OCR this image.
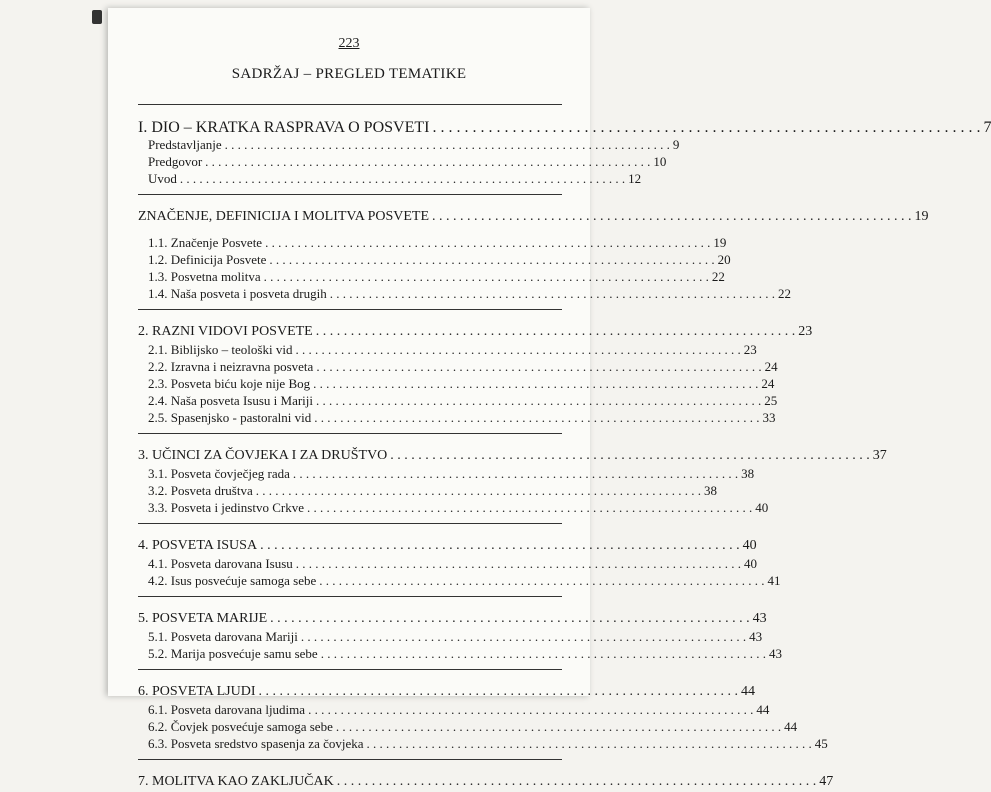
223
SADRŽAJ – PREGLED TEMATIKE
I. DIO – KRATKA RASPRAVA O POSVETI . . .	7
Predstavljanje . . .	9
Predgovor . . .	10
Uvod . . .	12
ZNAČENJE, DEFINICIJA I MOLITVA POSVETE . . .	19
1.1. Značenje Posvete . . .	19
1.2. Definicija Posvete . . .	20
1.3. Posvetna molitva . . .	22
1.4. Naša posveta i posveta drugih . . .	22
2. RAZNI VIDOVI POSVETE . . .	23
2.1. Biblijsko – teološki vid . . .	23
2.2. Izravna i neizravna posveta . . .	24
2.3. Posveta biću koje nije Bog . . .	24
2.4. Naša posveta Isusu i Mariji . . .	25
2.5. Spasenjsko - pastoralni vid . . .	33
3. UČINCI ZA ČOVJEKA I ZA DRUŠTVO . . .	37
3.1. Posveta čovječjeg rada . . .	38
3.2. Posveta društva . . .	38
3.3. Posveta i jedinstvo Crkve . . .	40
4. POSVETA ISUSA . . .	40
4.1. Posveta darovana Isusu . . .	40
4.2. Isus posvećuje samoga sebe . . .	41
5. POSVETA MARIJE . . .	43
5.1. Posveta darovana Mariji . . .	43
5.2. Marija posvećuje samu sebe . . .	43
6. POSVETA LJUDI . . .	44
6.1. Posveta darovana ljudima . . .	44
6.2. Čovjek posvećuje samoga sebe . . .	44
6.3. Posveta sredstvo spasenja za čovjeka . . .	45
7. MOLITVA KAO ZAKLJUČAK . . .	47
